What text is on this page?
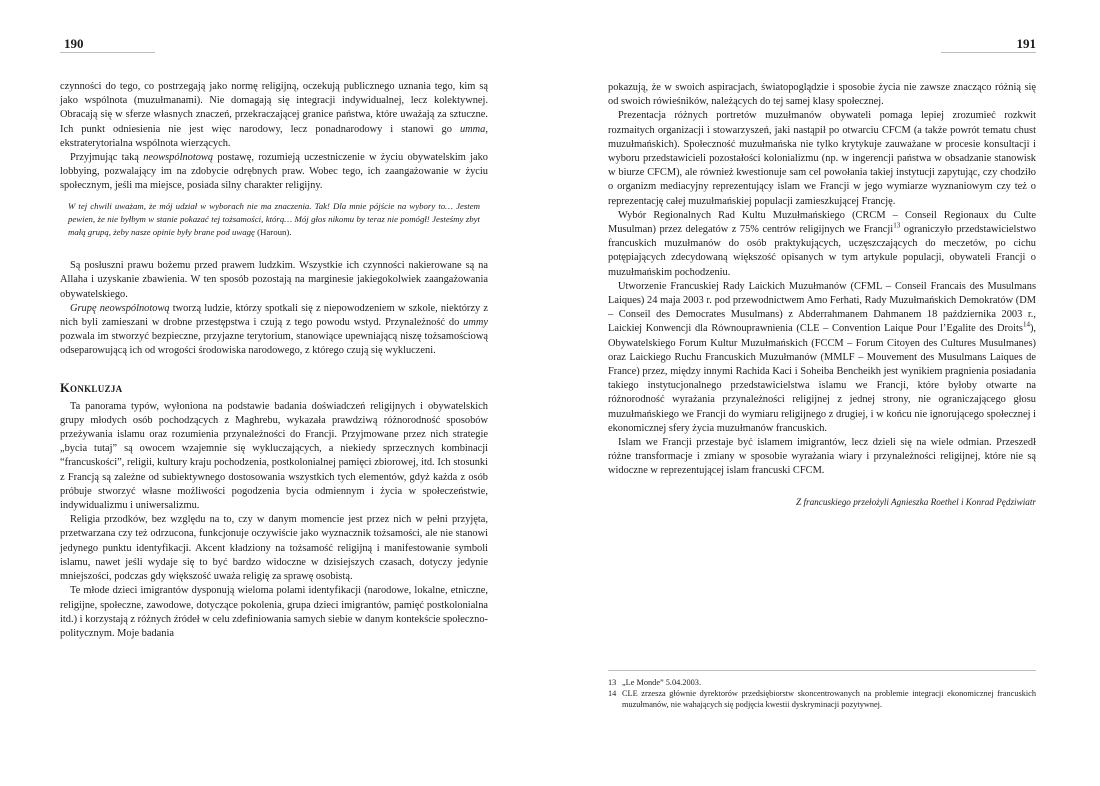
190

czynności do tego, co postrzegają jako normę religijną, oczekują publicznego uznania tego, kim są jako wspólnota (muzułmanami). Nie domagają się integracji indywidualnej, lecz kolektywnej. Obracają się w sferze własnych znaczeń, przekraczającej granice państwa, które uważają za sztuczne. Ich punkt odniesienia nie jest więc narodowy, lecz ponadnarodowy i stanowi go umma, ekstraterytorialna wspólnota wierzących.

Przyjmując taką neowspólnotową postawę, rozumieją uczestniczenie w życiu obywatelskim jako lobbying, pozwalający im na zdobycie odrębnych praw. Wobec tego, ich zaangażowanie w życiu społecznym, jeśli ma miejsce, posiada silny charakter religijny.

W tej chwili uważam, że mój udział w wyborach nie ma znaczenia. Tak! Dla mnie pójście na wybory to… Jestem pewien, że nie byłbym w stanie pokazać tej tożsamości, którą… Mój głos nikomu by teraz nie pomógł! Jesteśmy zbyt małą grupą, żeby nasze opinie były brane pod uwagę (Haroun).

Są posłuszni prawu bożemu przed prawem ludzkim. Wszystkie ich czynności nakierowane są na Allaha i uzyskanie zbawienia. W ten sposób pozostają na marginesie jakiegokolwiek zaangażowania obywatelskiego.

Grupę neowspólnotową tworzą ludzie, którzy spotkali się z niepowodzeniem w szkole, niektórzy z nich byli zamieszani w drobne przestępstwa i czują z tego powodu wstyd. Przynależność do ummy pozwala im stworzyć bezpieczne, przyjazne terytorium, stanowiące upewniającą niszę tożsamościową odseparowującą ich od wrogości środowiska narodowego, z którego czują się wykluczeni.

Konkluzja

Ta panorama typów, wyłoniona na podstawie badania doświadczeń religijnych i obywatelskich grupy młodych osób pochodzących z Maghrebu, wykazała prawdziwą różnorodność sposobów przeżywania islamu oraz rozumienia przynależności do Francji. Przyjmowane przez nich strategie „bycia tutaj” są owocem wzajemnie się wykluczających, a niekiedy sprzecznych kombinacji “francuskości”, religii, kultury kraju pochodzenia, postkolonialnej pamięci zbiorowej, itd. Ich stosunki z Francją są zależne od subiektywnego dostosowania wszystkich tych elementów, gdyż każda z osób próbuje stworzyć własne możliwości pogodzenia bycia odmiennym i życia w społeczeństwie, indywidualizmu i uniwersalizmu.

Religia przodków, bez względu na to, czy w danym momencie jest przez nich w pełni przyjęta, przetwarzana czy też odrzucona, funkcjonuje oczywiście jako wyznacznik tożsamości, ale nie stanowi jedynego punktu identyfikacji. Akcent kładziony na tożsamość religijną i manifestowanie symboli islamu, nawet jeśli wydaje się to być bardzo widoczne w dzisiejszych czasach, dotyczy jedynie mniejszości, podczas gdy większość uważa religię za sprawę osobistą.

Te młode dzieci imigrantów dysponują wieloma polami identyfikacji (narodowe, lokalne, etniczne, religijne, społeczne, zawodowe, dotyczące pokolenia, grupa dzieci imigrantów, pamięć postkolonialna itd.) i korzystają z różnych źródeł w celu zdefiniowania samych siebie w danym kontekście społeczno-politycznym. Moje badania

191

pokazują, że w swoich aspiracjach, światopoglądzie i sposobie życia nie zawsze znacząco różnią się od swoich rówieśników, należących do tej samej klasy społecznej.

Prezentacja różnych portretów muzułmanów obywateli pomaga lepiej zrozumieć rozkwit rozmaitych organizacji i stowarzyszeń, jaki nastąpił po otwarciu CFCM (a także powrót tematu chust muzułmańskich). Społeczność muzułmańska nie tylko krytykuje zauważane w procesie konsultacji i wyboru przedstawicieli pozostałości kolonializmu (np. w ingerencji państwa w obsadzanie stanowisk w biurze CFCM), ale również kwestionuje sam cel powołania takiej instytucji zapytując, czy chodziło o organizm mediacyjny reprezentujący islam we Francji w jego wymiarze wyznaniowym czy też o reprezentację całej muzułmańskiej populacji zamieszkującej Francję.

Wybór Regionalnych Rad Kultu Muzułmańskiego (CRCM – Conseil Regionaux du Culte Musulman) przez delegatów z 75% centrów religijnych we Francji$^{13}$ ograniczyło przedstawicielstwo francuskich muzułmanów do osób praktykujących, uczęszczających do meczetów, po cichu potępiających zdecydowaną większość opisanych w tym artykule populacji, obywateli Francji o muzułmańskim pochodzeniu.

Utworzenie Francuskiej Rady Laickich Muzułmanów (CFML – Conseil Francais des Musulmans Laiques) 24 maja 2003 r. pod przewodnictwem Amo Ferhati, Rady Muzułmańskich Demokratów (DM – Conseil des Democrates Musulmans) z Abderrahmanem Dahmanem 18 października 2003 r., Laickiej Konwencji dla Równouprawnienia (CLE – Convention Laique Pour l’Egalite des Droits$^{14}$), Obywatelskiego Forum Kultur Muzułmańskich (FCCM – Forum Citoyen des Cultures Musulmanes) oraz Laickiego Ruchu Francuskich Muzułmanów (MMLF – Mouvement des Musulmans Laiques de France) przez, między innymi Rachida Kaci i Soheiba Bencheikh jest wynikiem pragnienia posiadania takiego instytucjonalnego przedstawicielstwa islamu we Francji, które byłoby otwarte na różnorodność wyrażania przynależności religijnej z jednej strony, nie ograniczającego głosu muzułmańskiego we Francji do wymiaru religijnego z drugiej, i w końcu nie ignorującego społecznej i ekonomicznej sfery życia muzułmanów francuskich.

Islam we Francji przestaje być islamem imigrantów, lecz dzieli się na wiele odmian. Przeszedł różne transformacje i zmiany w sposobie wyrażania wiary i przynależności religijnej, które nie są widoczne w reprezentującej islam francuski CFCM.

Z francuskiego przełożyli Agnieszka Roethel i Konrad Pędziwiatr
13 „Le Monde” 5.04.2003.
14 CLE zrzesza głównie dyrektorów przedsiębiorstw skoncentrowanych na problemie integracji ekonomicznej francuskich muzułmanów, nie wahających się podjęcia kwestii dyskryminacji pozytywnej.
